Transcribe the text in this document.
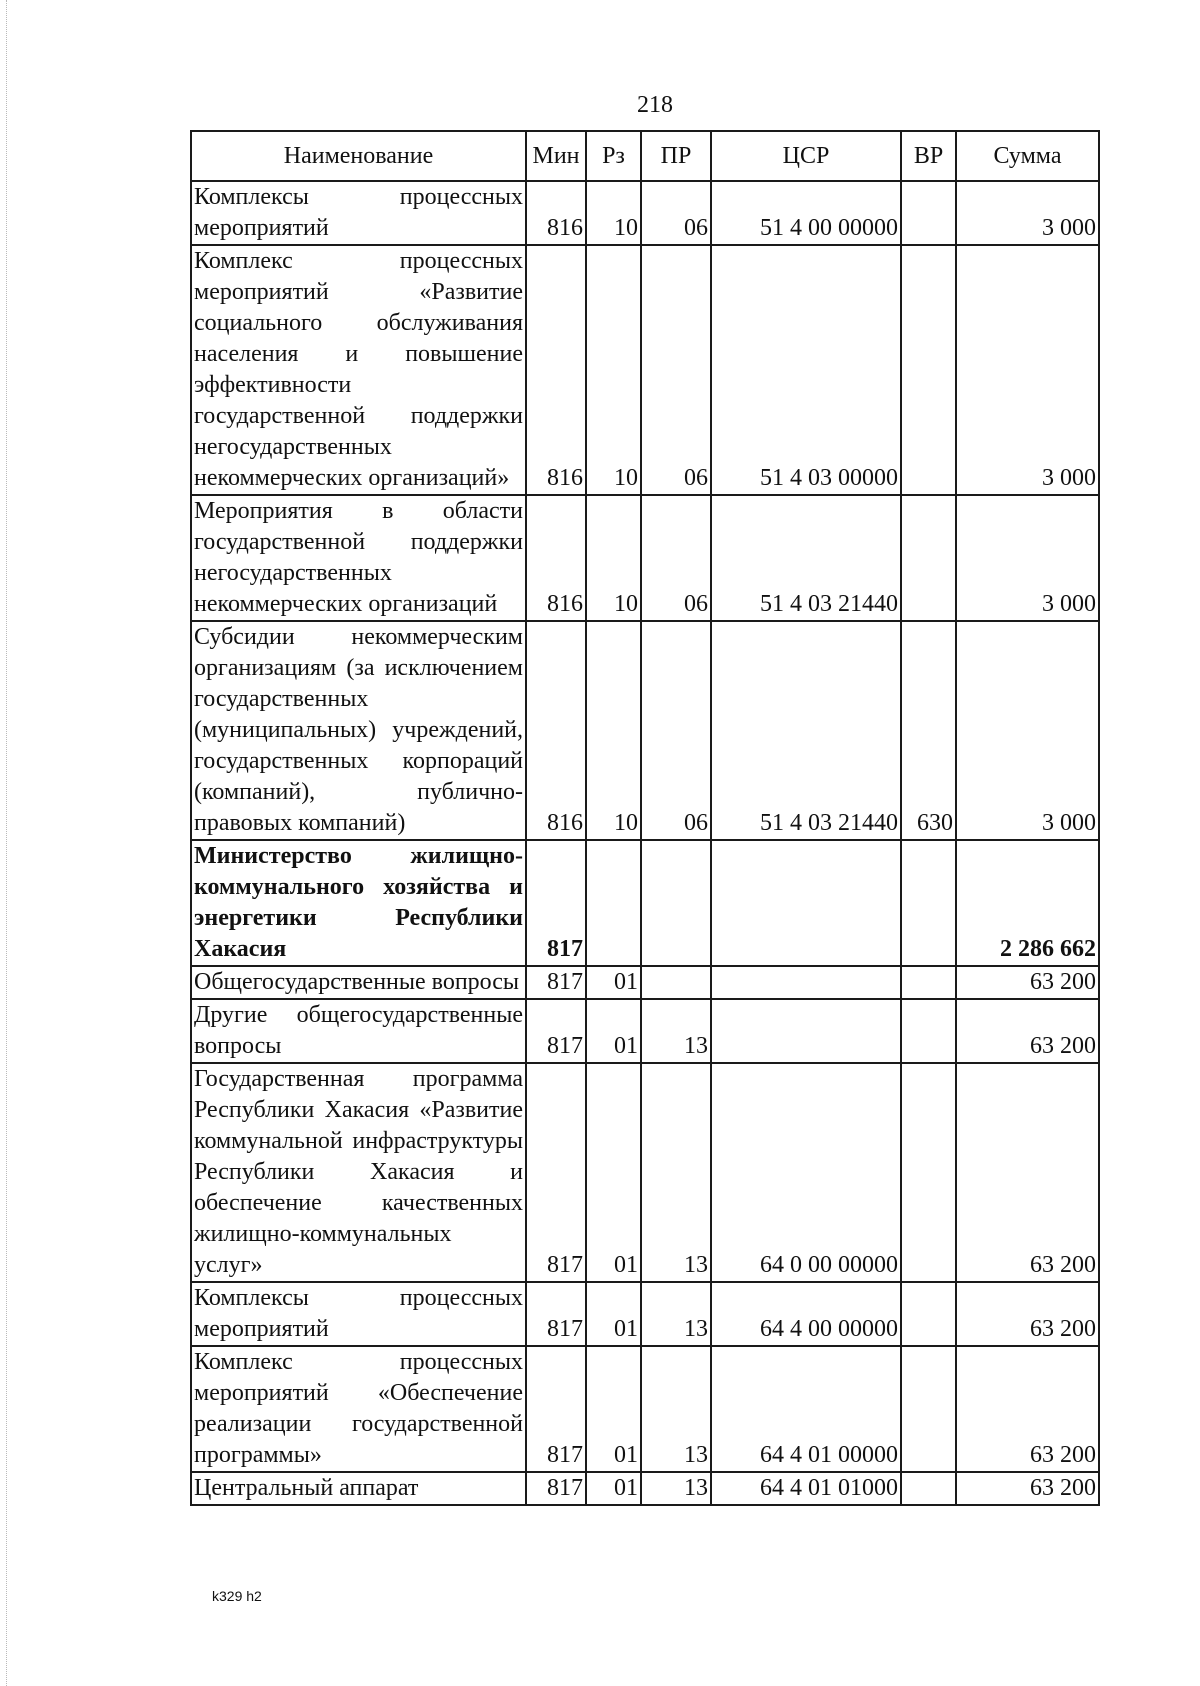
218
Наименование	Мин	Рз	ПР	ЦСР	ВР	Сумма
Комплексы процессных мероприятий	816	10	06	51 4 00 00000		3 000
Комплекс процессных мероприятий «Развитие социального обслуживания населения и повышение эффективности государственной поддержки негосударственных некоммерческих организаций»	816	10	06	51 4 03 00000		3 000
Мероприятия в области государственной поддержки негосударственных некоммерческих организаций	816	10	06	51 4 03 21440		3 000
Субсидии некоммерческим организациям (за исключением государственных (муниципальных) учреждений, государственных корпораций (компаний), публично-правовых компаний)	816	10	06	51 4 03 21440	630	3 000
Министерство жилищно-коммунального хозяйства и энергетики Республики Хакасия	817					2 286 662
Общегосударственные вопросы	817	01				63 200
Другие общегосударственные вопросы	817	01	13			63 200
Государственная программа Республики Хакасия «Развитие коммунальной инфраструктуры Республики Хакасия и обеспечение качественных жилищно-коммунальных услуг»	817	01	13	64 0 00 00000		63 200
Комплексы процессных мероприятий	817	01	13	64 4 00 00000		63 200
Комплекс процессных мероприятий «Обеспечение реализации государственной программы»	817	01	13	64 4 01 00000		63 200
Центральный аппарат	817	01	13	64 4 01 01000		63 200
k329 h2
